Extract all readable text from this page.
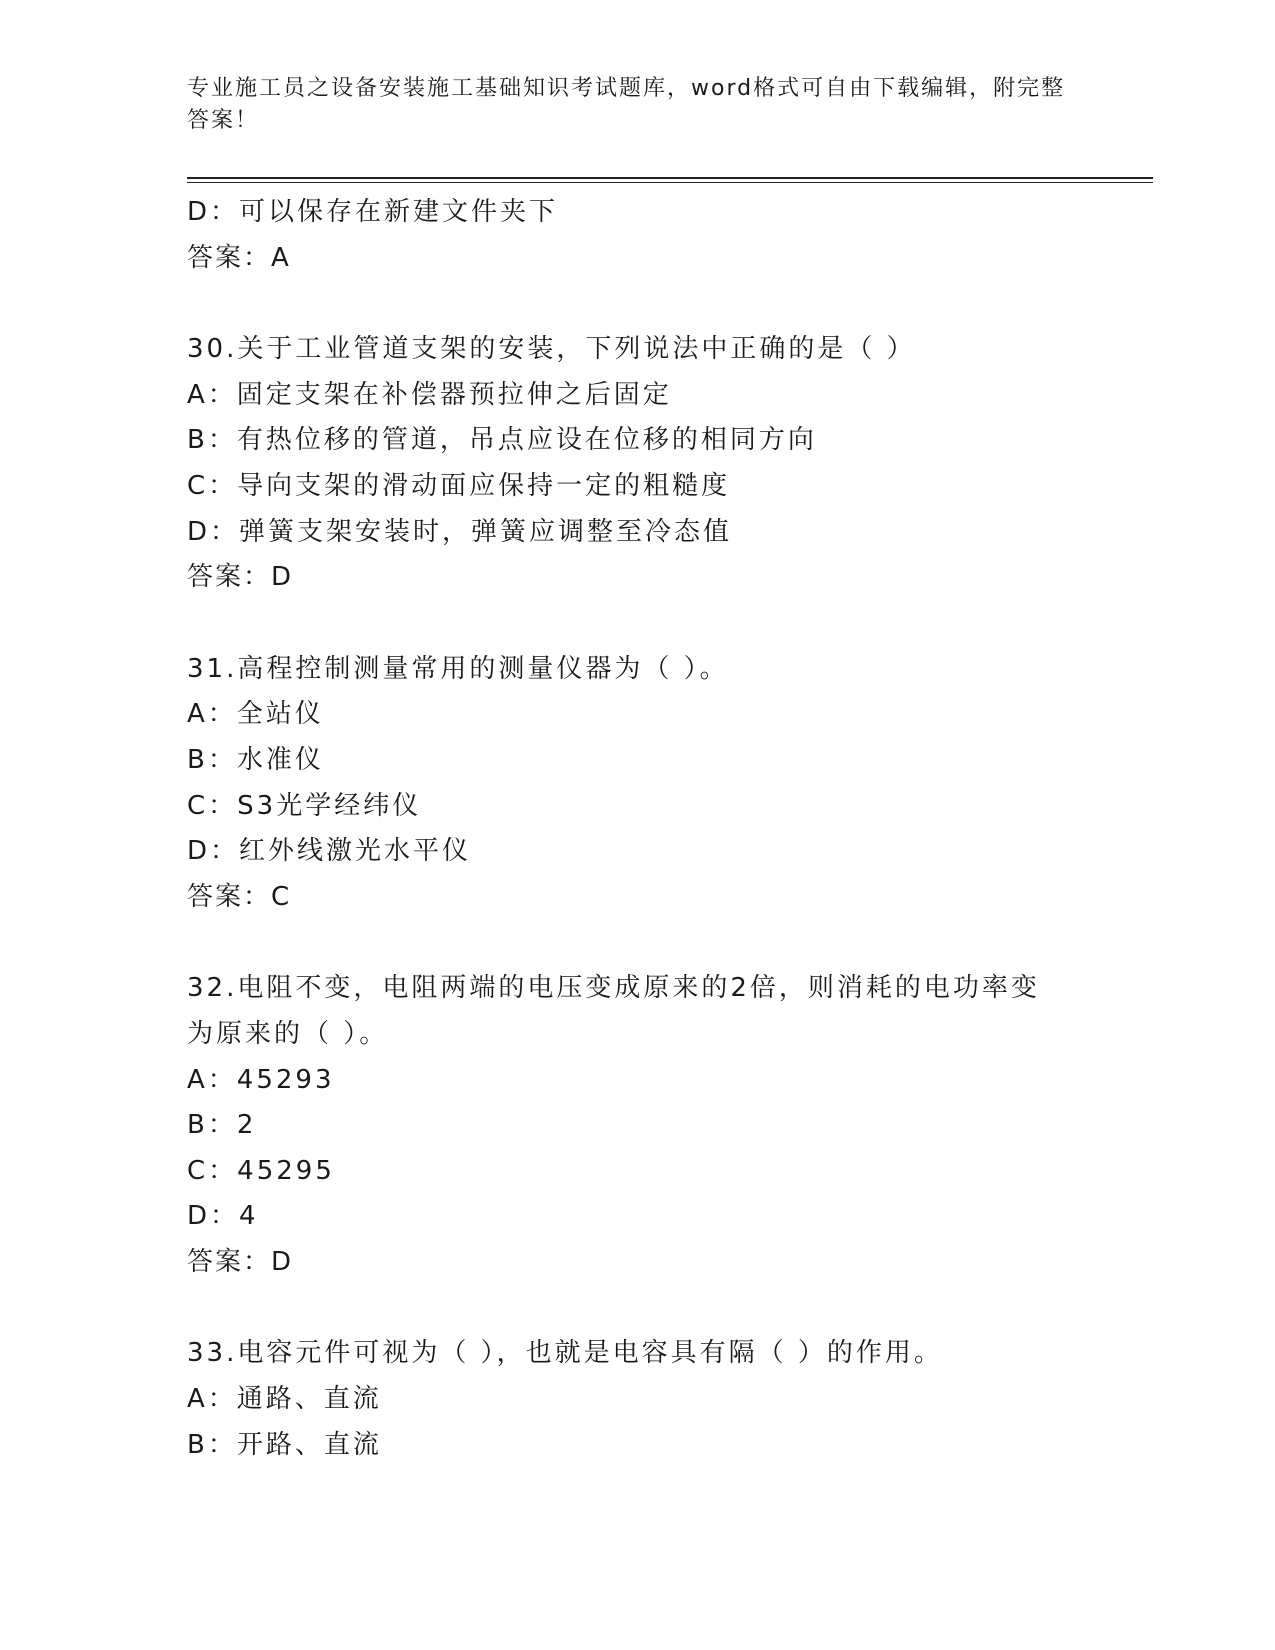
专业施工员之设备安装施工基础知识考试题库，word格式可自由下载编辑，附完整答案！
D：可以保存在新建文件夹下
答案：A
30.关于工业管道支架的安装，下列说法中正确的是（ ）
A：固定支架在补偿器预拉伸之后固定
B：有热位移的管道，吊点应设在位移的相同方向
C：导向支架的滑动面应保持一定的粗糙度
D：弹簧支架安装时，弹簧应调整至冷态值
答案：D
31.高程控制测量常用的测量仪器为（ ）。
A：全站仪
B：水准仪
C：S3光学经纬仪
D：红外线激光水平仪
答案：C
32.电阻不变，电阻两端的电压变成原来的2倍，则消耗的电功率变为原来的（ ）。
A：45293
B：2
C：45295
D：4
答案：D
33.电容元件可视为（ ），也就是电容具有隔（ ）的作用。
A：通路、直流
B：开路、直流
